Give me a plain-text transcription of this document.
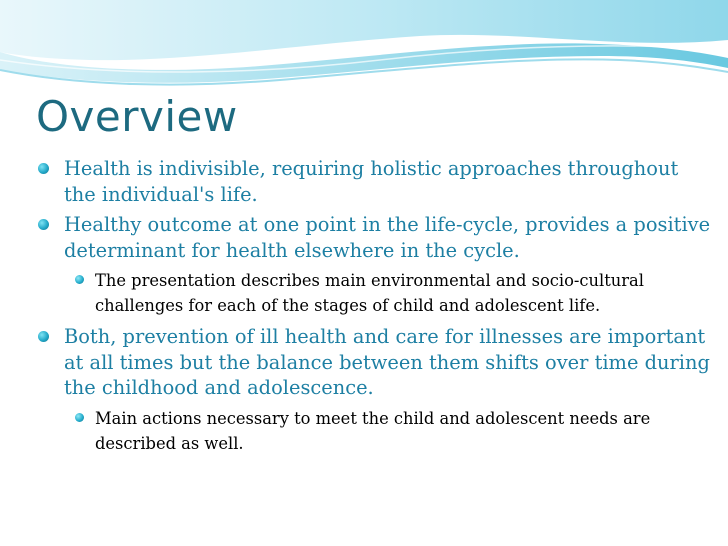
Overview
Health is indivisible, requiring holistic approaches throughout the individual's life.
Healthy outcome at one point in the life-cycle, provides a positive determinant for health elsewhere in the cycle.
The presentation describes main environmental and socio-cultural challenges for each of the stages of child and adolescent life.
Both, prevention of ill health and care for illnesses are important at all times but the balance between them shifts over time during the childhood and adolescence.
Main actions necessary to meet the child and adolescent needs are described as well.
